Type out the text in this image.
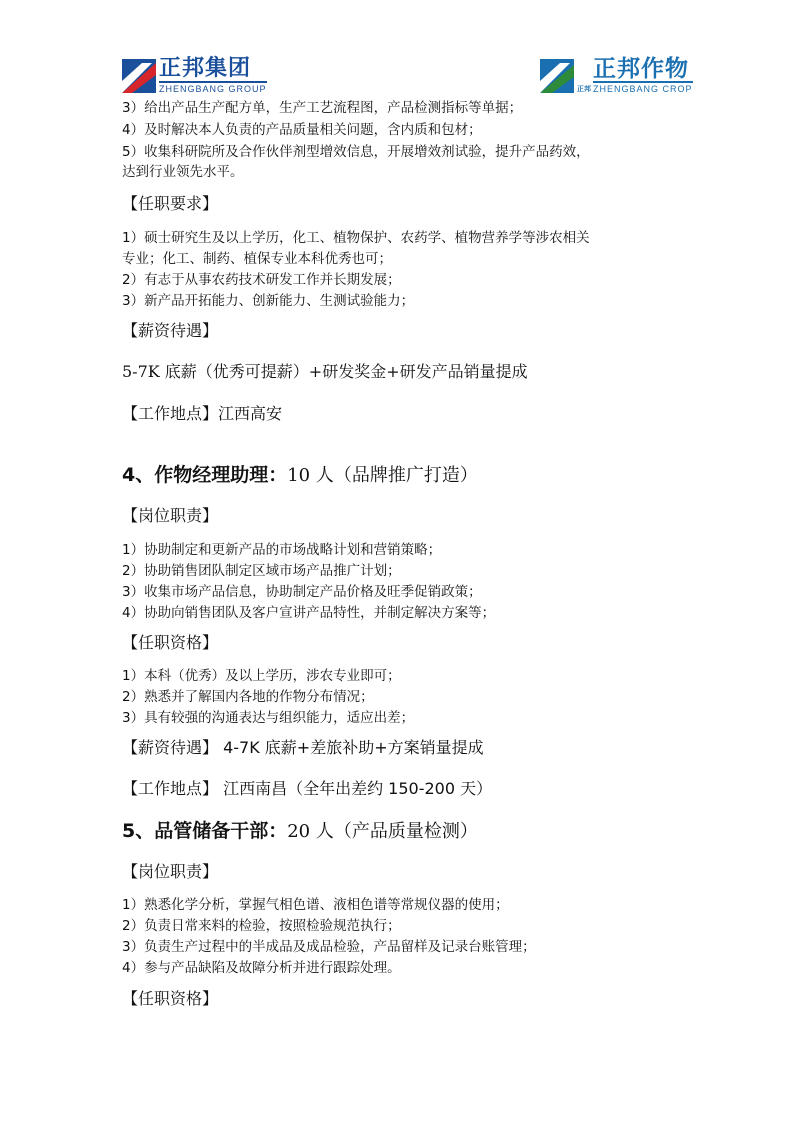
正邦集团
ZHENGBANG GROUP	正邦
正邦作物
ZHENGBANG CROP
3）给出产品生产配方单，生产工艺流程图，产品检测指标等单据；
4）及时解决本人负责的产品质量相关问题，含内质和包材；
5）收集科研院所及合作伙伴剂型增效信息，开展增效剂试验，提升产品药效，
达到行业领先水平。
【任职要求】
1）硕士研究生及以上学历，化工、植物保护、农药学、植物营养学等涉农相关
专业；化工、制药、植保专业本科优秀也可；
2）有志于从事农药技术研发工作并长期发展；
3）新产品开拓能力、创新能力、生测试验能力；
【薪资待遇】
5-7K 底薪（优秀可提薪）+研发奖金+研发产品销量提成
【工作地点】江西高安
4、作物经理助理：10 人（品牌推广打造）
【岗位职责】
1）协助制定和更新产品的市场战略计划和营销策略；
2）协助销售团队制定区域市场产品推广计划；
3）收集市场产品信息，协助制定产品价格及旺季促销政策；
4）协助向销售团队及客户宣讲产品特性，并制定解决方案等；
【任职资格】
1）本科（优秀）及以上学历，涉农专业即可；
2）熟悉并了解国内各地的作物分布情况；
3）具有较强的沟通表达与组织能力，适应出差；
【薪资待遇】 4-7K 底薪+差旅补助+方案销量提成
【工作地点】 江西南昌（全年出差约 150-200 天）
5、品管储备干部：20 人（产品质量检测）
【岗位职责】
1）熟悉化学分析，掌握气相色谱、液相色谱等常规仪器的使用；
2）负责日常来料的检验，按照检验规范执行；
3）负责生产过程中的半成品及成品检验，产品留样及记录台账管理；
4）参与产品缺陷及故障分析并进行跟踪处理。
【任职资格】
